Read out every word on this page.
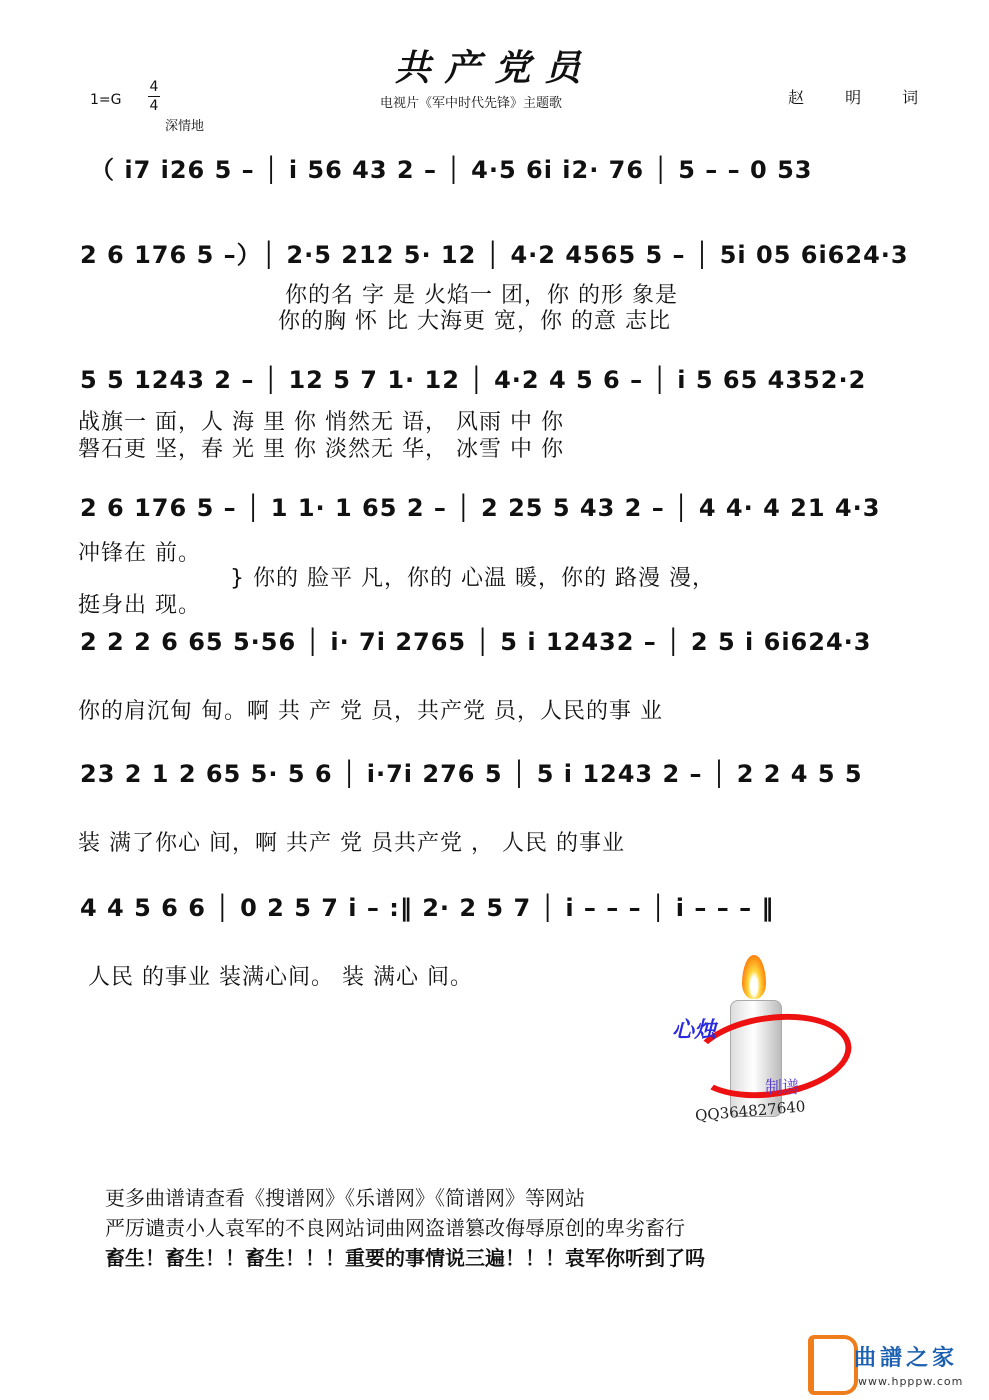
共产党员
电视片《军中时代先锋》主题歌
1=G
4
4
深情地
赵 明 词
（ i7 i26 5 – │ i 56 43 2 – │ 4·5 6i i2· 76 │ 5 – – 0 53
2 6 176 5 –）│ 2·5 212 5· 12 │ 4·2 4565 5 – │ 5i 05 6i624·3
你的名 字 是 火焰一 团，你 的形 象是
你的胸 怀 比 大海更 宽，你 的意 志比
5 5 1243 2 – │ 12 5 7 1· 12 │ 4·2 4 5 6 – │ i 5 65 4352·2
战旗一 面，人 海 里 你 悄然无 语， 风雨 中 你
磐石更 坚，春 光 里 你 淡然无 华， 冰雪 中 你
2 6 176 5 – │ 1 1· 1 65 2 – │ 2 25 5 43 2 – │ 4 4· 4 21 4·3
冲锋在 前。
} 你的 脸平 凡，你的 心温 暖，你的 路漫 漫，
挺身出 现。
2 2 2 6 65 5·56 │ i· 7i 2765 │ 5 i 12432 – │ 2 5 i 6i624·3
你的肩沉甸 甸。啊 共 产 党 员，共产党 员，人民的事 业
23 2 1 2 65 5· 5 6 │ i·7i 276 5 │ 5 i 1243 2 – │ 2 2 4 5 5
装 满了你心 间，啊 共产 党 员共产党 ， 人民 的事业
4 4 5 6 6 │ 0 2 5 7 i – :‖ 2· 2 5 7 │ i – – – │ i – – – ‖
人民 的事业 装满心间。 装 满心 间。
心烛
制谱
QQ364827640
更多曲谱请查看《搜谱网》《乐谱网》《简谱网》等网站
严厉谴责小人袁军的不良网站词曲网盗谱篡改侮辱原创的卑劣畜行
畜生！畜生！！畜生！！！重要的事情说三遍！！！袁军你听到了吗
曲譜之家
www.hpppw.com
